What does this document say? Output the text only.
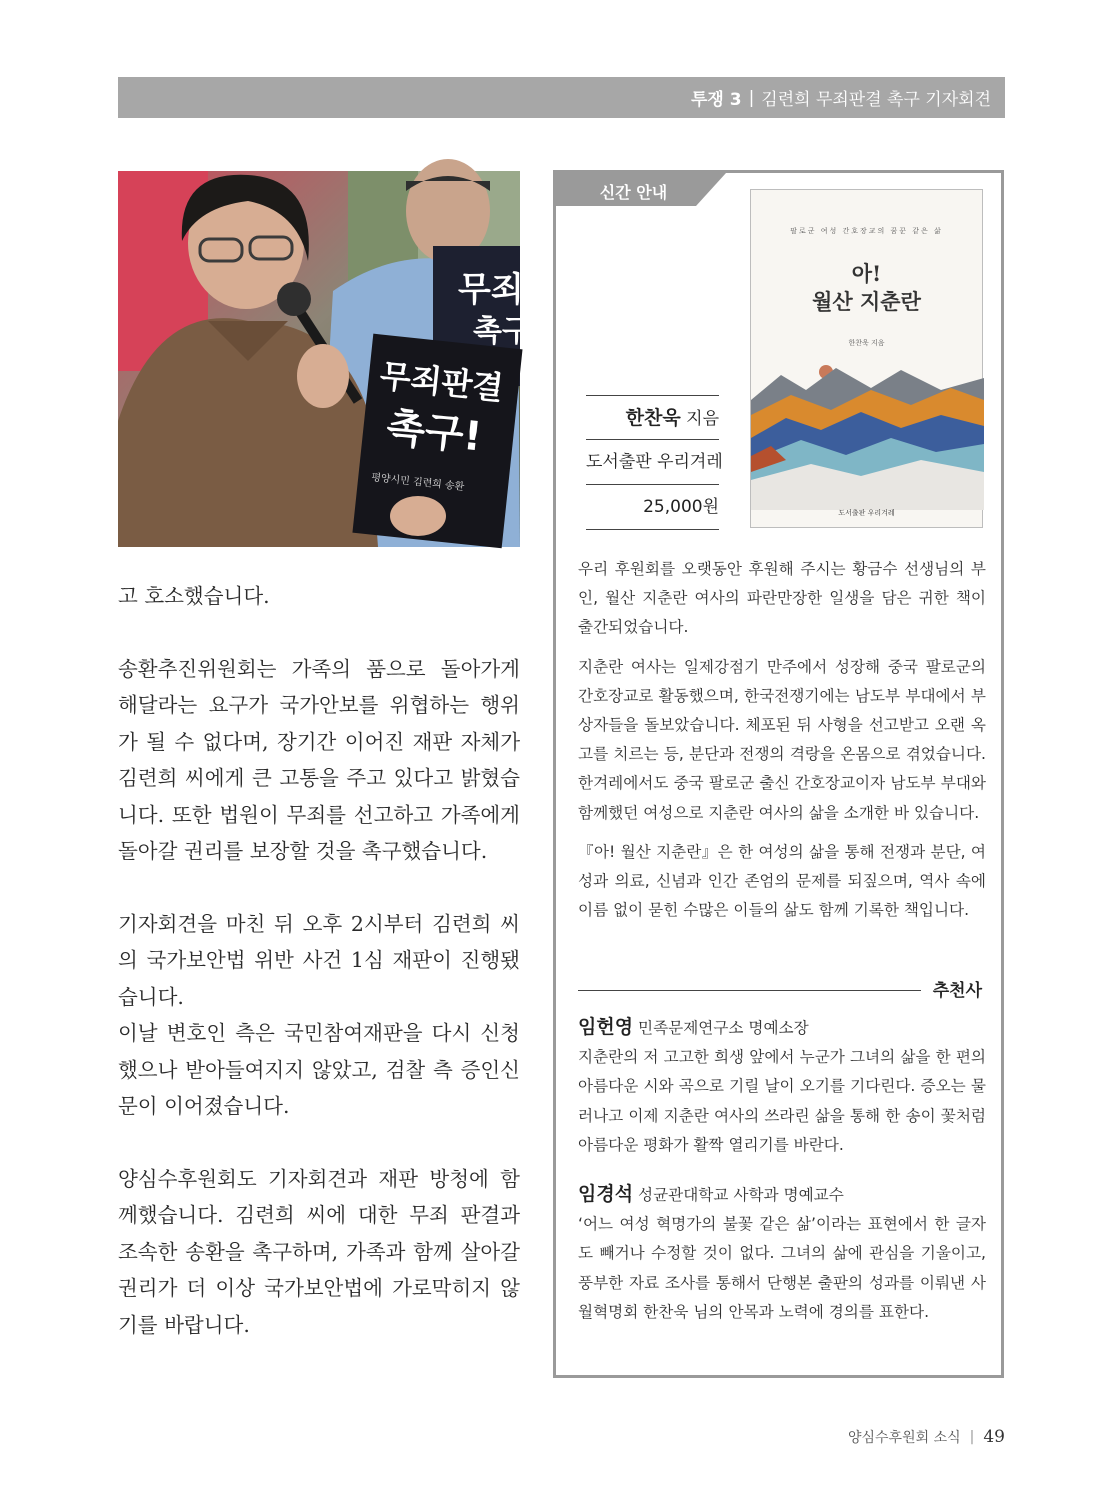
투쟁 3 | 김련희 무죄판결 촉구 기자회견
무죄
촉구
무죄판결
촉구!
평양시민 김련희 송환

고 호소했습니다.

송환추진위원회는 가족의 품으로 돌아가게 해달라는 요구가 국가안보를 위협하는 행위가 될 수 없다며, 장기간 이어진 재판 자체가 김련희 씨에게 큰 고통을 주고 있다고 밝혔습니다. 또한 법원이 무죄를 선고하고 가족에게 돌아갈 권리를 보장할 것을 촉구했습니다.

기자회견을 마친 뒤 오후 2시부터 김련희 씨의 국가보안법 위반 사건 1심 재판이 진행됐습니다.

이날 변호인 측은 국민참여재판을 다시 신청했으나 받아들여지지 않았고, 검찰 측 증인신문이 이어졌습니다.

양심수후원회도 기자회견과 재판 방청에 함께했습니다. 김련희 씨에 대한 무죄 판결과 조속한 송환을 촉구하며, 가족과 함께 살아갈 권리가 더 이상 국가보안법에 가로막히지 않기를 바랍니다.

신간 안내
팔로군 여성 간호장교의 꿈꾼 같은 삶
아!
월산 지춘란
한찬욱 지음
도서출판 우리겨레
한찬욱 지음
도서출판 우리겨레
25,000원

우리 후원회를 오랫동안 후원해 주시는 황금수 선생님의 부인, 월산 지춘란 여사의 파란만장한 일생을 담은 귀한 책이 출간되었습니다.

지춘란 여사는 일제강점기 만주에서 성장해 중국 팔로군의 간호장교로 활동했으며, 한국전쟁기에는 남도부 부대에서 부상자들을 돌보았습니다. 체포된 뒤 사형을 선고받고 오랜 옥고를 치르는 등, 분단과 전쟁의 격랑을 온몸으로 겪었습니다. 한겨레에서도 중국 팔로군 출신 간호장교이자 남도부 부대와 함께했던 여성으로 지춘란 여사의 삶을 소개한 바 있습니다.

『아! 월산 지춘란』은 한 여성의 삶을 통해 전쟁과 분단, 여성과 의료, 신념과 인간 존엄의 문제를 되짚으며, 역사 속에 이름 없이 묻힌 수많은 이들의 삶도 함께 기록한 책입니다.

추천사
임헌영 민족문제연구소 명예소장

지춘란의 저 고고한 희생 앞에서 누군가 그녀의 삶을 한 편의 아름다운 시와 곡으로 기릴 날이 오기를 기다린다. 증오는 물러나고 이제 지춘란 여사의 쓰라린 삶을 통해 한 송이 꽃처럼 아름다운 평화가 활짝 열리기를 바란다.

임경석 성균관대학교 사학과 명예교수

‘어느 여성 혁명가의 불꽃 같은 삶’이라는 표현에서 한 글자도 빼거나 수정할 것이 없다. 그녀의 삶에 관심을 기울이고, 풍부한 자료 조사를 통해서 단행본 출판의 성과를 이뤄낸 사월혁명회 한찬욱 님의 안목과 노력에 경의를 표한다.

양심수후원회 소식 | 49
